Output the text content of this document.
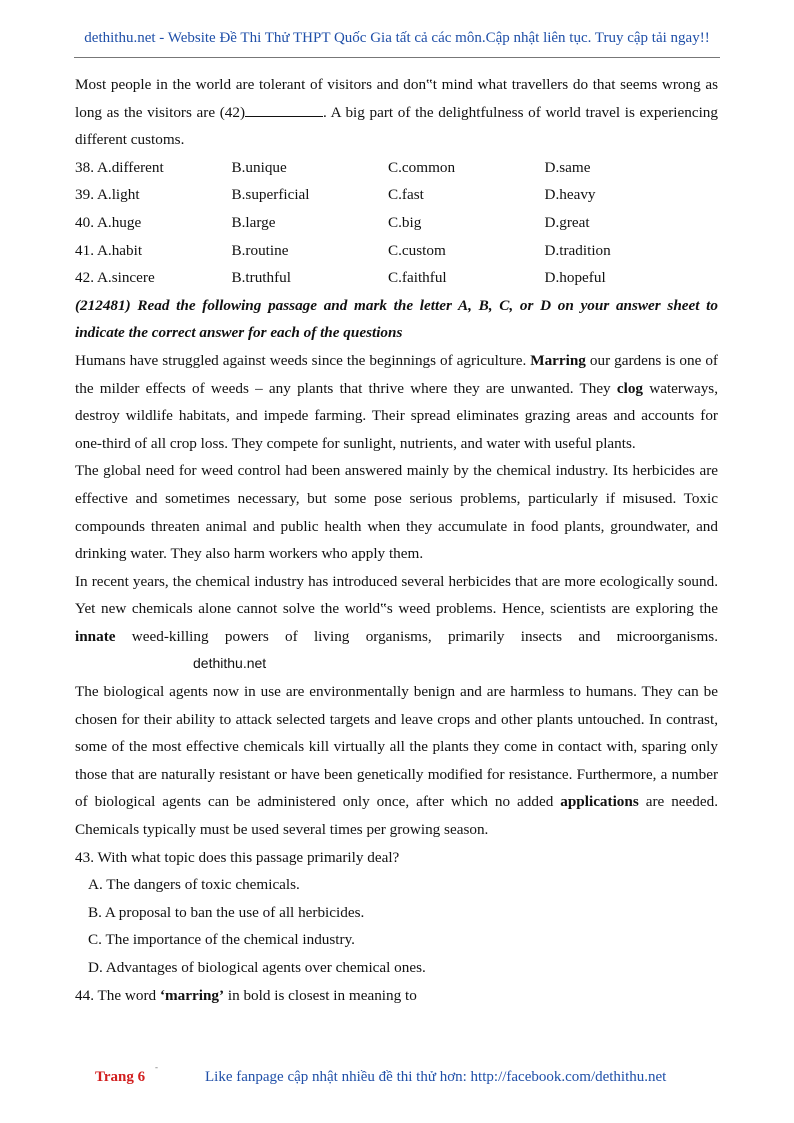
dethithu.net - Website Đề Thi Thử THPT Quốc Gia tất cả các môn.Cập nhật liên tục. Truy cập tải ngay!!

Most people in the world are tolerant of visitors and don‟t mind what travellers do that seems wrong as long as the visitors are (42)	. A big part of the delightfulness of world travel is experiencing different customs.

38. A.different	B.unique	C.common	D.same
39. A.light	B.superficial	C.fast	D.heavy
40. A.huge	B.large	C.big	D.great
41. A.habit	B.routine	C.custom	D.tradition
42. A.sincere	B.truthful	C.faithful	D.hopeful

(212481) Read the following passage and mark the letter A, B, C, or D on your answer sheet to indicate the correct answer for each of the questions

Humans have struggled against weeds since the beginnings of agriculture. Marring our gardens is one of the milder effects of weeds – any plants that thrive where they are unwanted. They clog waterways, destroy wildlife habitats, and impede farming. Their spread eliminates grazing areas and accounts for one-third of all crop loss. They compete for sunlight, nutrients, and water with useful plants.

The global need for weed control had been answered mainly by the chemical industry. Its herbicides are effective and sometimes necessary, but some pose serious problems, particularly if misused. Toxic compounds threaten animal and public health when they accumulate in food plants, groundwater, and drinking water. They also harm workers who apply them.

In recent years, the chemical industry has introduced several herbicides that are more ecologically sound. Yet new chemicals alone cannot solve the world‟s weed problems. Hence, scientists are exploring the innate weed-killing powers of living organisms, primarily insects and microorganisms.dethithu.net

The biological agents now in use are environmentally benign and are harmless to humans. They can be chosen for their ability to attack selected targets and leave crops and other plants untouched. In contrast, some of the most effective chemicals kill virtually all the plants they come in contact with, sparing only those that are naturally resistant or have been genetically modified for resistance. Furthermore, a number of biological agents can be administered only once, after which no added applications are needed. Chemicals typically must be used several times per growing season.

43. With what topic does this passage primarily deal?

A. The dangers of toxic chemicals.

B. A proposal to ban the use of all herbicides.

C. The importance of the chemical industry.

D. Advantages of biological agents over chemical ones.

44. The word ‘marring’ in bold is closest in meaning to

Trang 6
-
Like fanpage cập nhật nhiều đề thi thử hơn: http://facebook.com/dethithu.net
